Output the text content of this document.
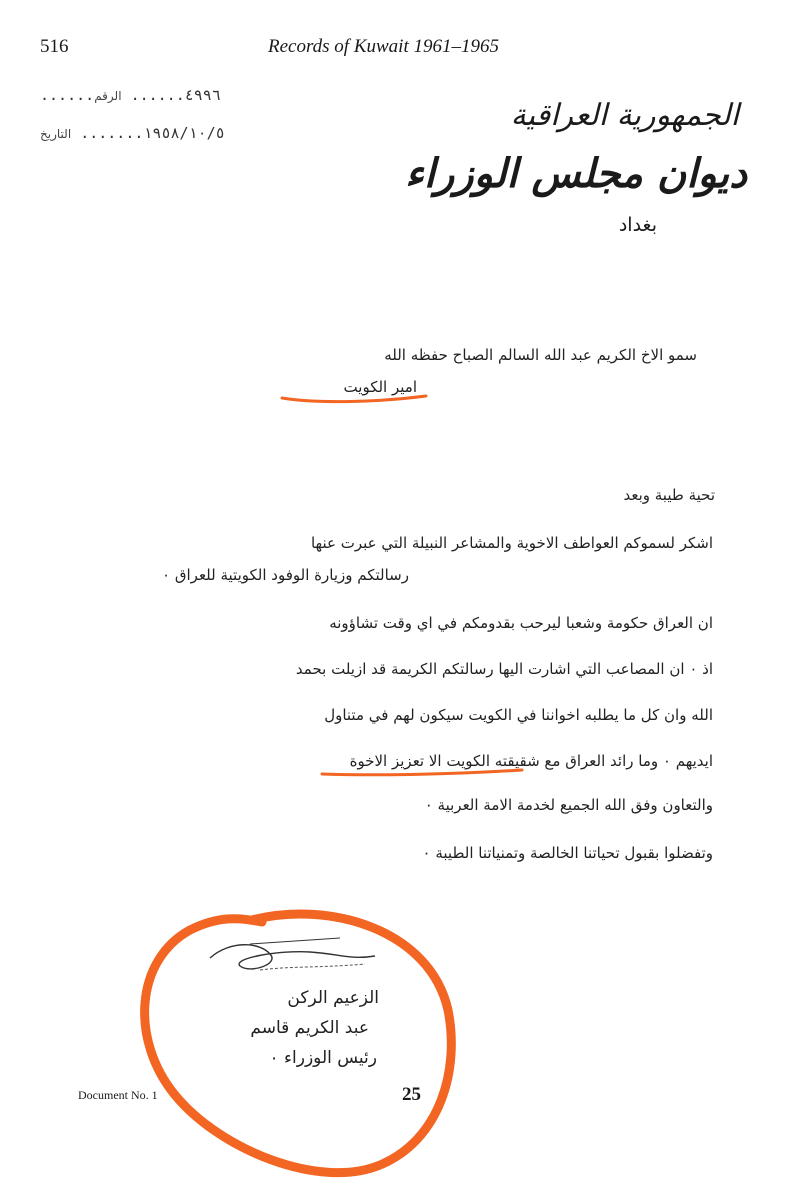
516	Records of Kuwait 1961–1965
......	٤٩٩٦...... الرقم
١٩٥٨/١٠/٥....... التاريخ
الجمهورية العراقية
ديوان مجلس الوزراء
بغداد
سمو الاخ الكريم عبد الله السالم الصباح حفظه الله
امير الكويت
تحية طيبة وبعد
اشكر لسموكم العواطف الاخوية والمشاعر النبيلة التي عبرت عنها
رسالتكم وزيارة الوفود الكويتية للعراق ٠
ان العراق حكومة وشعبا ليرحب بقدومكم في اي وقت تشاؤونه
اذ ٠ ان المصاعب التي اشارت اليها رسالتكم الكريمة قد ازيلت بحمد
الله وان كل ما يطلبه اخواننا في الكويت سيكون لهم في متناول
ايديهم ٠ وما رائد العراق مع شقيقته الكويت الا تعزيز الاخوة
والتعاون وفق الله الجميع لخدمة الامة العربية ٠
وتفضلوا بقبول تحياتنا الخالصة وتمنياتنا الطيبة ٠
الزعيم الركن
عبد الكريم قاسم
رئيس الوزراء ٠
Document No. 1	25
